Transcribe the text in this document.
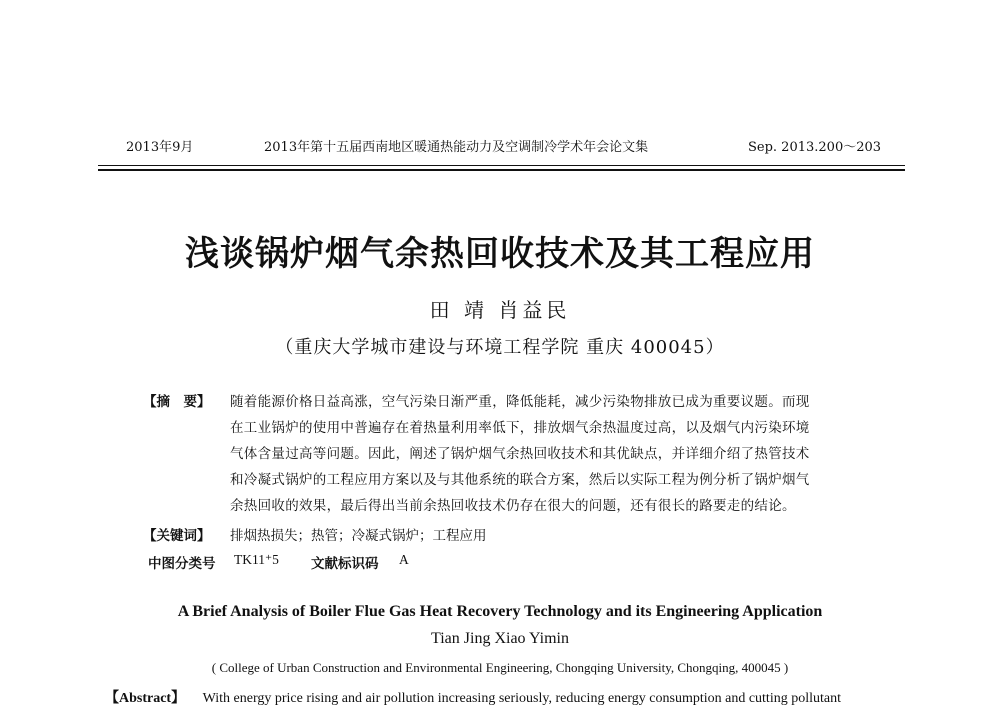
2013年9月	2013年第十五届西南地区暖通热能动力及空调制冷学术年会论文集	Sep. 2013.200～203
浅谈锅炉烟气余热回收技术及其工程应用
田 靖 肖益民
（重庆大学城市建设与环境工程学院 重庆 400045）
【摘　要】 随着能源价格日益高涨，空气污染日渐严重，降低能耗，减少污染物排放已成为重要议题。而现
在工业锅炉的使用中普遍存在着热量利用率低下，排放烟气余热温度过高，以及烟气内污染环境
气体含量过高等问题。因此，阐述了锅炉烟气余热回收技术和其优缺点，并详细介绍了热管技术
和冷凝式锅炉的工程应用方案以及与其他系统的联合方案，然后以实际工程为例分析了锅炉烟气
余热回收的效果，最后得出当前余热回收技术仍存在很大的问题，还有很长的路要走的结论。
【关键词】 排烟热损失；热管；冷凝式锅炉；工程应用
中图分类号 TK11⁺5 文献标识码 A
A Brief Analysis of Boiler Flue Gas Heat Recovery Technology and its Engineering Application
Tian Jing Xiao Yimin
( College of Urban Construction and Environmental Engineering, Chongqing University, Chongqing, 400045 )
【Abstract】 With energy price rising and air pollution increasing seriously, reducing energy consumption and cutting pollutant
